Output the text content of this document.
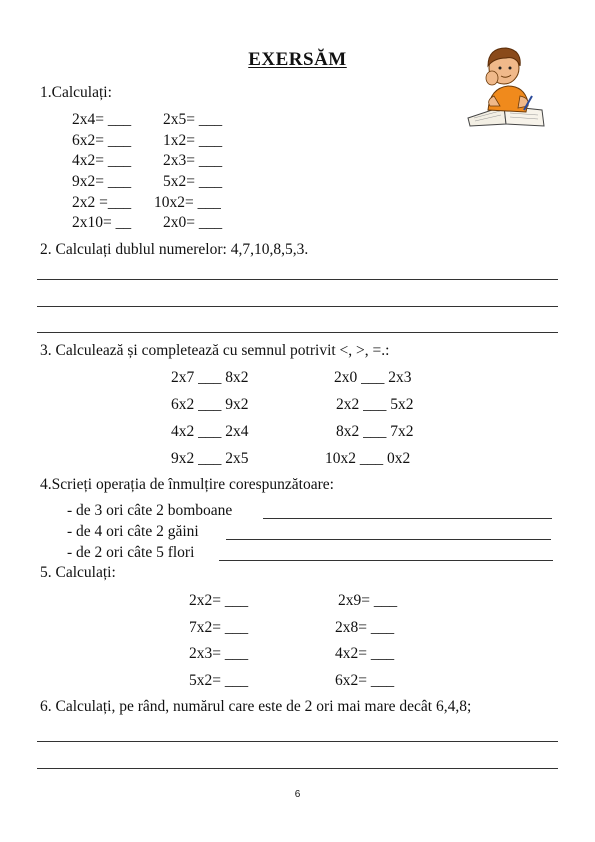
EXERSĂM
1.Calculați:
2x4= ___
6x2= ___
4x2= ___
9x2= ___
2x2 =___
2x10= __
2x5= ___
1x2= ___
2x3= ___
5x2= ___
10x2= ___
2x0= ___
2. Calculați dublul numerelor: 4,7,10,8,5,3.
3. Calculează și completează cu semnul potrivit <, >, =.:
2x7 ___ 8x2
6x2 ___ 9x2
4x2 ___ 2x4
9x2 ___ 2x5
2x0 ___ 2x3
2x2 ___ 5x2
8x2 ___ 7x2
10x2 ___ 0x2
4.Scrieți operația de înmulțire corespunzătoare:
- de 3 ori câte 2 bomboane
- de 4 ori câte 2 găini
- de 2 ori câte 5 flori
5. Calculați:
2x2= ___
7x2= ___
2x3= ___
5x2= ___
2x9= ___
2x8= ___
4x2= ___
6x2= ___
6. Calculați, pe rând, numărul care este de 2 ori mai mare decât 6,4,8;
6
